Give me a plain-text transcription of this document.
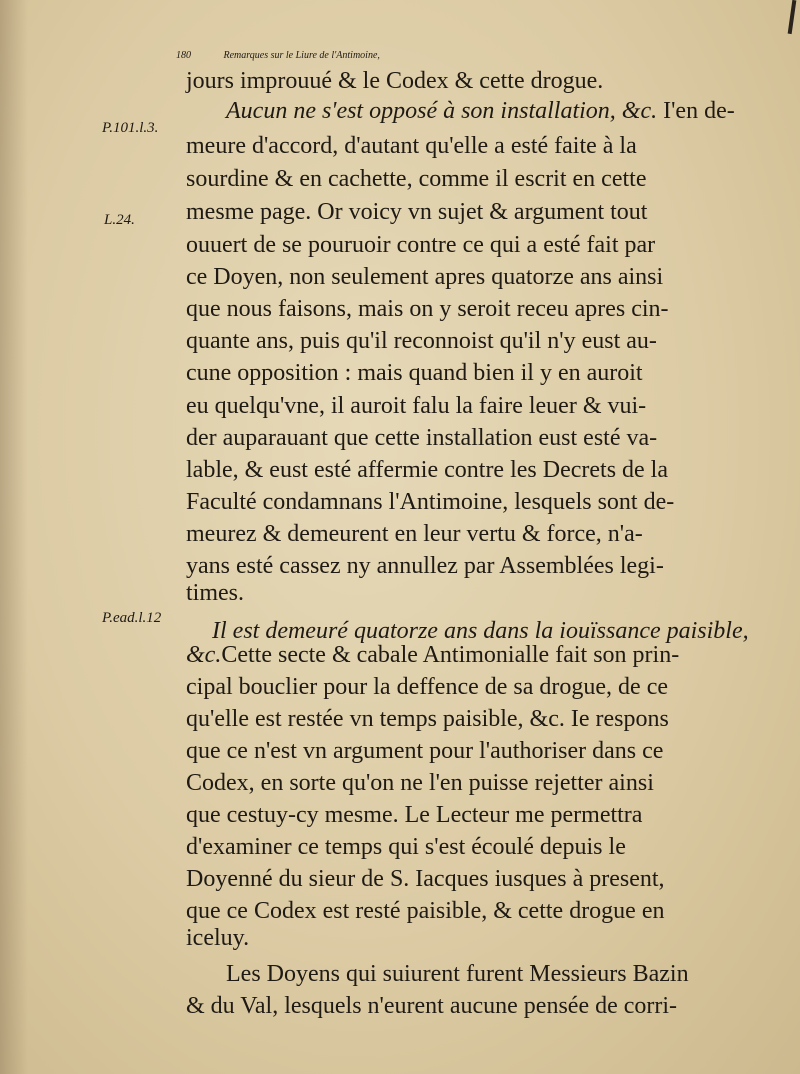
180	Remarques sur le Liure de l'Antimoine,
P.101.l.3.
L.24.
P.ead.l.12
jours improuué & le Codex & cette drogue.
Aucun ne s'est opposé à son installation, &c. I'en de-
meure d'accord, d'autant qu'elle a esté faite à la
sourdine & en cachette, comme il escrit en cette
mesme page. Or voicy vn sujet & argument tout
ouuert de se pouruoir contre ce qui a esté fait par
ce Doyen, non seulement apres quatorze ans ainsi
que nous faisons, mais on y seroit receu apres cin-
quante ans, puis qu'il reconnoist qu'il n'y eust au-
cune opposition : mais quand bien il y en auroit
eu quelqu'vne, il auroit falu la faire leuer & vui-
der auparauant que cette installation eust esté va-
lable, & eust esté affermie contre les Decrets de la
Faculté condamnans l'Antimoine, lesquels sont de-
meurez & demeurent en leur vertu & force, n'a-
yans esté cassez ny annullez par Assemblées legi-
times.
Il est demeuré quatorze ans dans la iouïssance paisible,
&c.Cette secte & cabale Antimonialle fait son prin-
cipal bouclier pour la deffence de sa drogue, de ce
qu'elle est restée vn temps paisible, &c. Ie respons
que ce n'est vn argument pour l'authoriser dans ce
Codex, en sorte qu'on ne l'en puisse rejetter ainsi
que cestuy-cy mesme. Le Lecteur me permettra
d'examiner ce temps qui s'est écoulé depuis le
Doyenné du sieur de S. Iacques iusques à present,
que ce Codex est resté paisible, & cette drogue en
iceluy.
Les Doyens qui suiurent furent Messieurs Bazin
& du Val, lesquels n'eurent aucune pensée de corri-
